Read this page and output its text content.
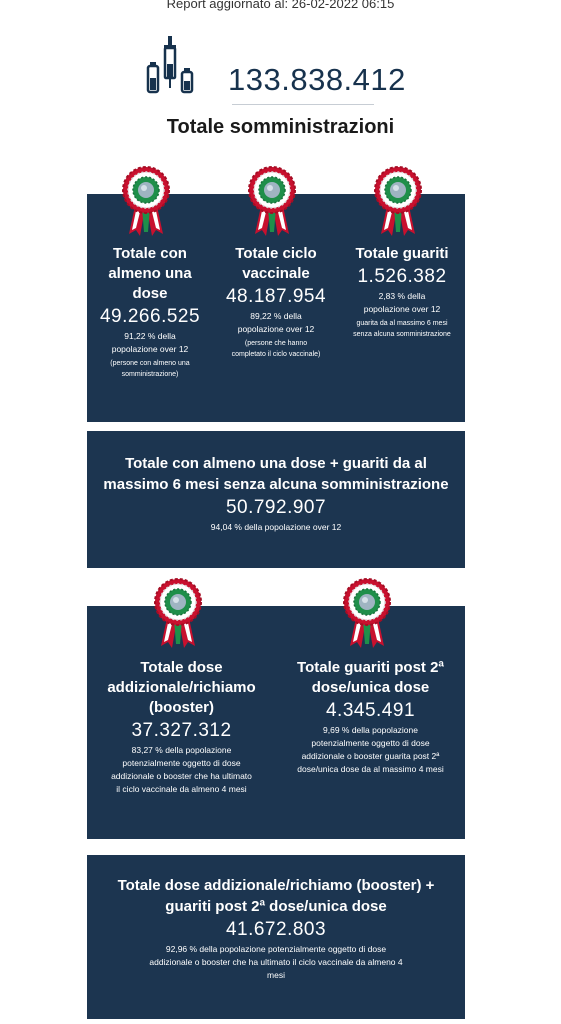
Report aggiornato al: 26-02-2022 06:15
133.838.412
Totale somministrazioni

Totale con almeno una dose

49.266.525

91,22 % della popolazione over 12

(persone con almeno una somministrazione)

Totale ciclo vaccinale

48.187.954

89,22 % della popolazione over 12

(persone che hanno completato il ciclo vaccinale)

Totale guariti

1.526.382

2,83 % della popolazione over 12

guarita da al massimo 6 mesi senza alcuna somministrazione

Totale con almeno una dose + guariti da al massimo 6 mesi senza alcuna somministrazione

50.792.907

94,04 % della popolazione over 12

Totale dose addizionale/richiamo (booster)

37.327.312

83,27 % della popolazione potenzialmente oggetto di dose addizionale o booster che ha ultimato il ciclo vaccinale da almeno 4 mesi

Totale guariti post 2ª dose/unica dose

4.345.491

9,69 % della popolazione potenzialmente oggetto di dose addizionale o booster guarita post 2ª dose/unica dose da al massimo 4 mesi

Totale dose addizionale/richiamo (booster) + guariti post 2ª dose/unica dose

41.672.803

92,96 % della popolazione potenzialmente oggetto di dose addizionale o booster che ha ultimato il ciclo vaccinale da almeno 4 mesi
